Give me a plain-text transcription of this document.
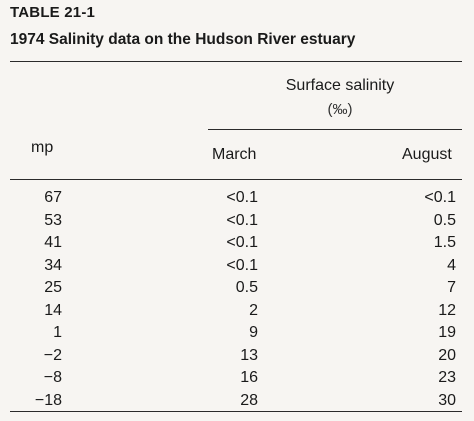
TABLE 21-1
1974 Salinity data on the Hudson River estuary
Surface salinity
(‰)
mp	March	August
67	<0.1	<0.1
53	<0.1	0.5
41	<0.1	1.5
34	<0.1	4
25	0.5	7
14	2	12
1	9	19
−2	13	20
−8	16	23
−18	28	30
